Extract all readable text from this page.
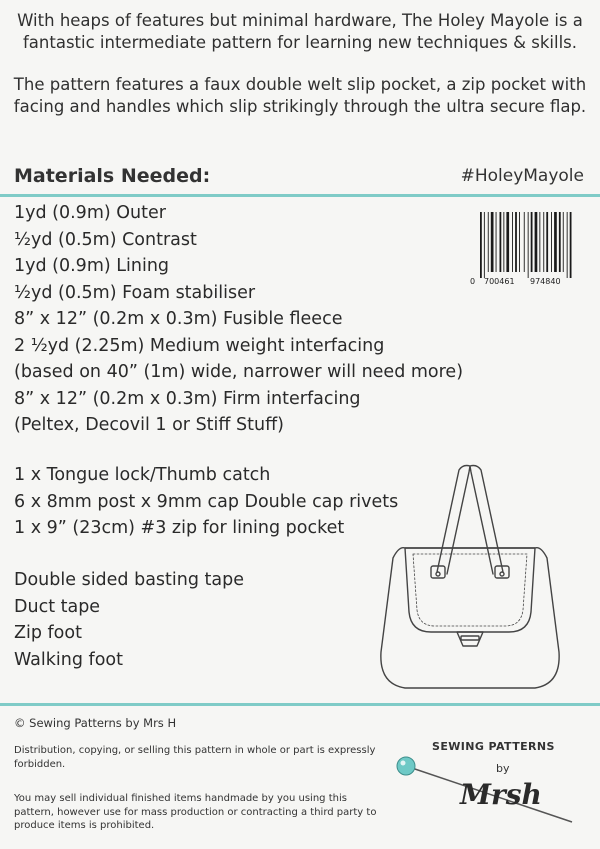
With heaps of features but minimal hardware, The Holey Mayole is a fantastic intermediate pattern for learning new techniques & skills.

The pattern features a faux double welt slip pocket, a zip pocket with facing and handles which slip strikingly through the ultra secure flap.

Materials Needed:	#HoleyMayole
1yd (0.9m) Outer
½yd (0.5m) Contrast
1yd (0.9m) Lining
½yd (0.5m) Foam stabiliser
8” x 12” (0.2m x 0.3m) Fusible fleece
2 ½yd (2.25m) Medium weight interfacing
(based on 40” (1m) wide, narrower will need more)
8” x 12” (0.2m x 0.3m) Firm interfacing
(Peltex, Decovil 1 or Stiff Stuff)
1 x Tongue lock/Thumb catch
6 x 8mm post x 9mm cap Double cap rivets
1 x 9” (23cm) #3 zip for lining pocket
Double sided basting tape
Duct tape
Zip foot
Walking foot
0 700461 974840
© Sewing Patterns by Mrs H
Distribution, copying, or selling this pattern in whole or part is expressly forbidden.
You may sell individual finished items handmade by you using this pattern, however use for mass production or contracting a third party to produce items is prohibited.
SEWING PATTERNS
by
Mrsh
